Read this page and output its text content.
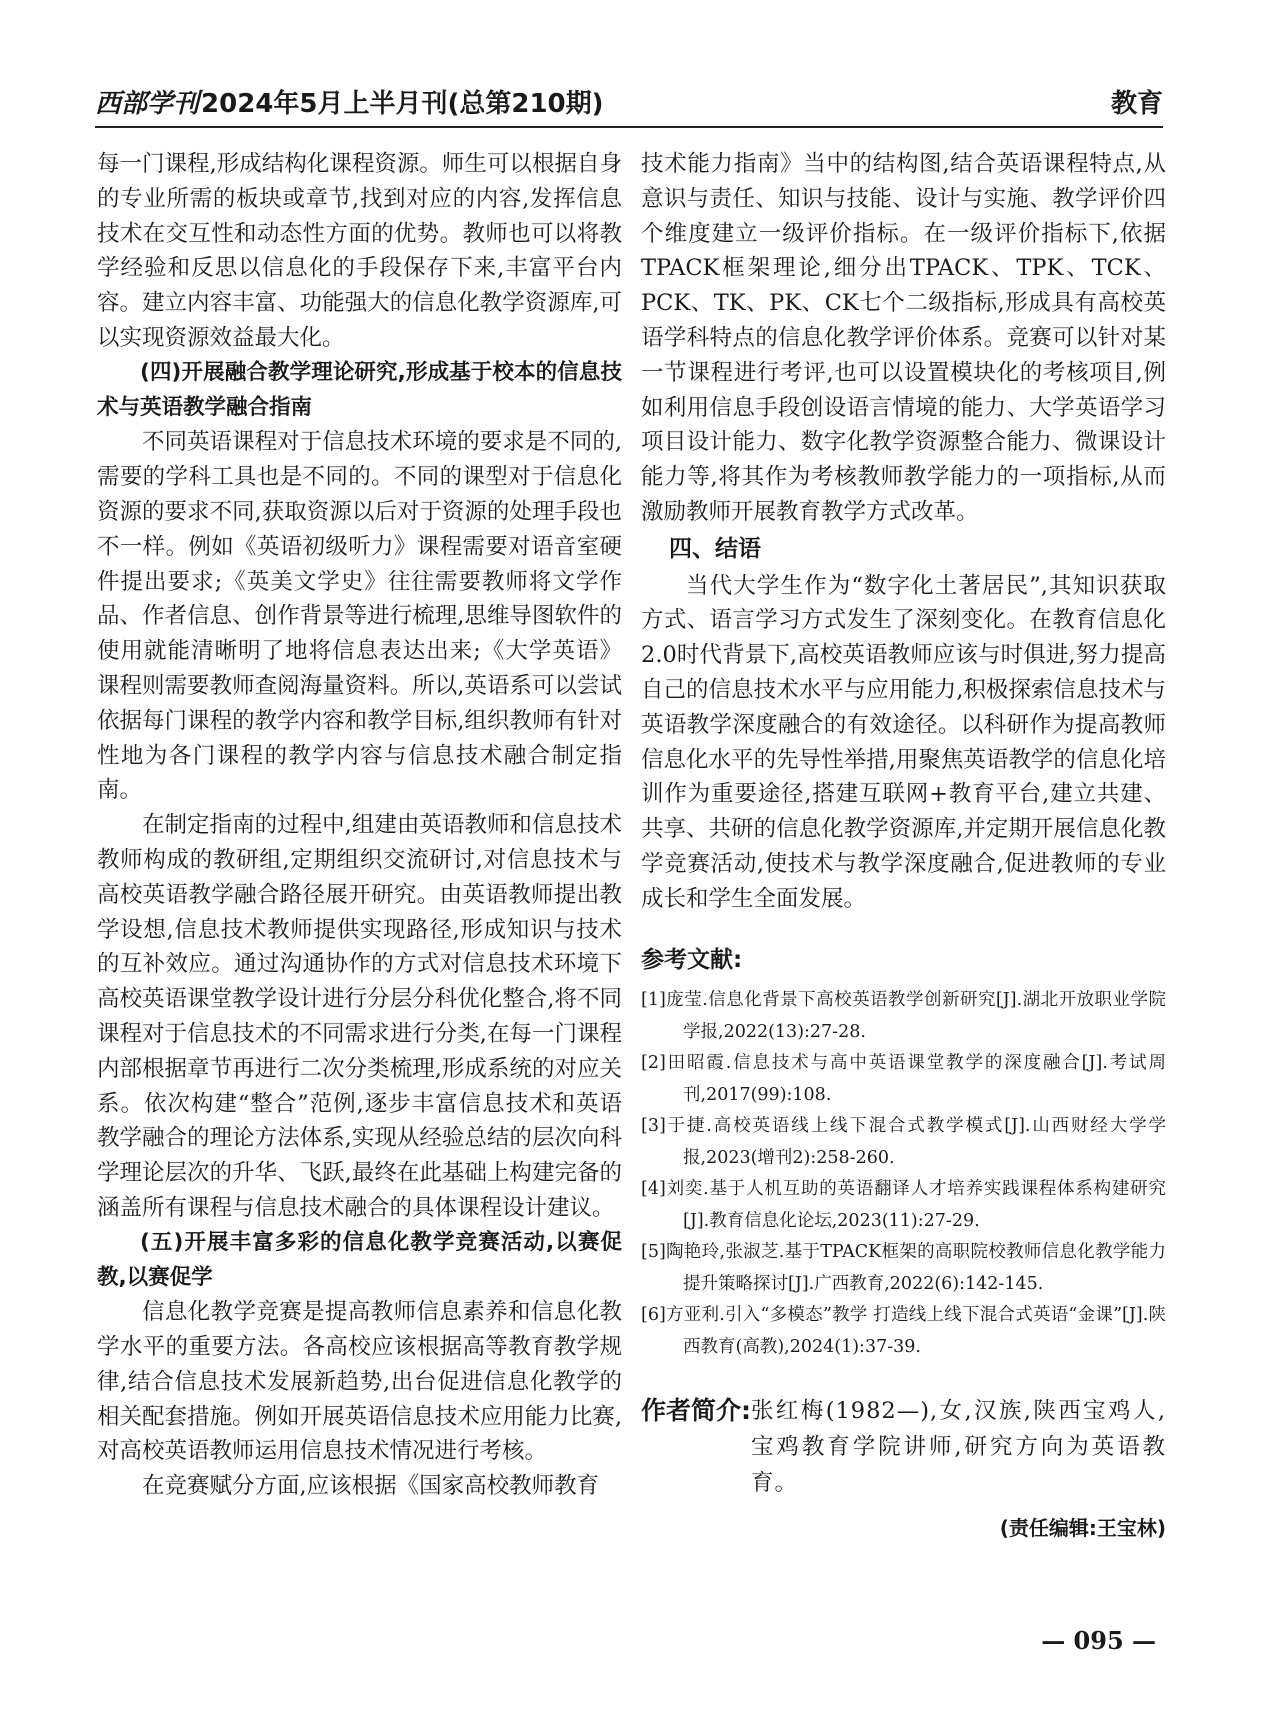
西部学刊2024年5月上半月刊(总第210期)	教育

每一门课程,形成结构化课程资源。师生可以根据自身的专业所需的板块或章节,找到对应的内容,发挥信息技术在交互性和动态性方面的优势。教师也可以将教学经验和反思以信息化的手段保存下来,丰富平台内容。建立内容丰富、功能强大的信息化教学资源库,可以实现资源效益最大化。

(四)开展融合教学理论研究,形成基于校本的信息技术与英语教学融合指南

不同英语课程对于信息技术环境的要求是不同的,需要的学科工具也是不同的。不同的课型对于信息化资源的要求不同,获取资源以后对于资源的处理手段也不一样。例如《英语初级听力》课程需要对语音室硬件提出要求;《英美文学史》往往需要教师将文学作品、作者信息、创作背景等进行梳理,思维导图软件的使用就能清晰明了地将信息表达出来;《大学英语》课程则需要教师查阅海量资料。所以,英语系可以尝试依据每门课程的教学内容和教学目标,组织教师有针对性地为各门课程的教学内容与信息技术融合制定指南。

在制定指南的过程中,组建由英语教师和信息技术教师构成的教研组,定期组织交流研讨,对信息技术与高校英语教学融合路径展开研究。由英语教师提出教学设想,信息技术教师提供实现路径,形成知识与技术的互补效应。通过沟通协作的方式对信息技术环境下高校英语课堂教学设计进行分层分科优化整合,将不同课程对于信息技术的不同需求进行分类,在每一门课程内部根据章节再进行二次分类梳理,形成系统的对应关系。依次构建“整合”范例,逐步丰富信息技术和英语教学融合的理论方法体系,实现从经验总结的层次向科学理论层次的升华、飞跃,最终在此基础上构建完备的涵盖所有课程与信息技术融合的具体课程设计建议。

(五)开展丰富多彩的信息化教学竞赛活动,以赛促教,以赛促学

信息化教学竞赛是提高教师信息素养和信息化教学水平的重要方法。各高校应该根据高等教育教学规律,结合信息技术发展新趋势,出台促进信息化教学的相关配套措施。例如开展英语信息技术应用能力比赛,对高校英语教师运用信息技术情况进行考核。

在竞赛赋分方面,应该根据《国家高校教师教育

技术能力指南》当中的结构图,结合英语课程特点,从意识与责任、知识与技能、设计与实施、教学评价四个维度建立一级评价指标。在一级评价指标下,依据TPACK框架理论,细分出TPACK、TPK、TCK、PCK、TK、PK、CK七个二级指标,形成具有高校英语学科特点的信息化教学评价体系。竞赛可以针对某一节课程进行考评,也可以设置模块化的考核项目,例如利用信息手段创设语言情境的能力、大学英语学习项目设计能力、数字化教学资源整合能力、微课设计能力等,将其作为考核教师教学能力的一项指标,从而激励教师开展教育教学方式改革。

四、结语

当代大学生作为“数字化土著居民”,其知识获取方式、语言学习方式发生了深刻变化。在教育信息化2.0时代背景下,高校英语教师应该与时俱进,努力提高自己的信息技术水平与应用能力,积极探索信息技术与英语教学深度融合的有效途径。以科研作为提高教师信息化水平的先导性举措,用聚焦英语教学的信息化培训作为重要途径,搭建互联网+教育平台,建立共建、共享、共研的信息化教学资源库,并定期开展信息化教学竞赛活动,使技术与教学深度融合,促进教师的专业成长和学生全面发展。

参考文献:

[1]庞莹.信息化背景下高校英语教学创新研究[J].湖北开放职业学院学报,2022(13):27-28.

[2]田昭霞.信息技术与高中英语课堂教学的深度融合[J].考试周刊,2017(99):108.

[3]于捷.高校英语线上线下混合式教学模式[J].山西财经大学学报,2023(增刊2):258-260.

[4]刘奕.基于人机互助的英语翻译人才培养实践课程体系构建研究[J].教育信息化论坛,2023(11):27-29.

[5]陶艳玲,张淑芝.基于TPACK框架的高职院校教师信息化教学能力提升策略探讨[J].广西教育,2022(6):142-145.

[6]方亚利.引入“多模态”教学 打造线上线下混合式英语“金课”[J].陕西教育(高教),2024(1):37-39.

作者简介: 张红梅(1982—),女,汉族,陕西宝鸡人,宝鸡教育学院讲师,研究方向为英语教育。
(责任编辑:王宝林)
— 095 —
